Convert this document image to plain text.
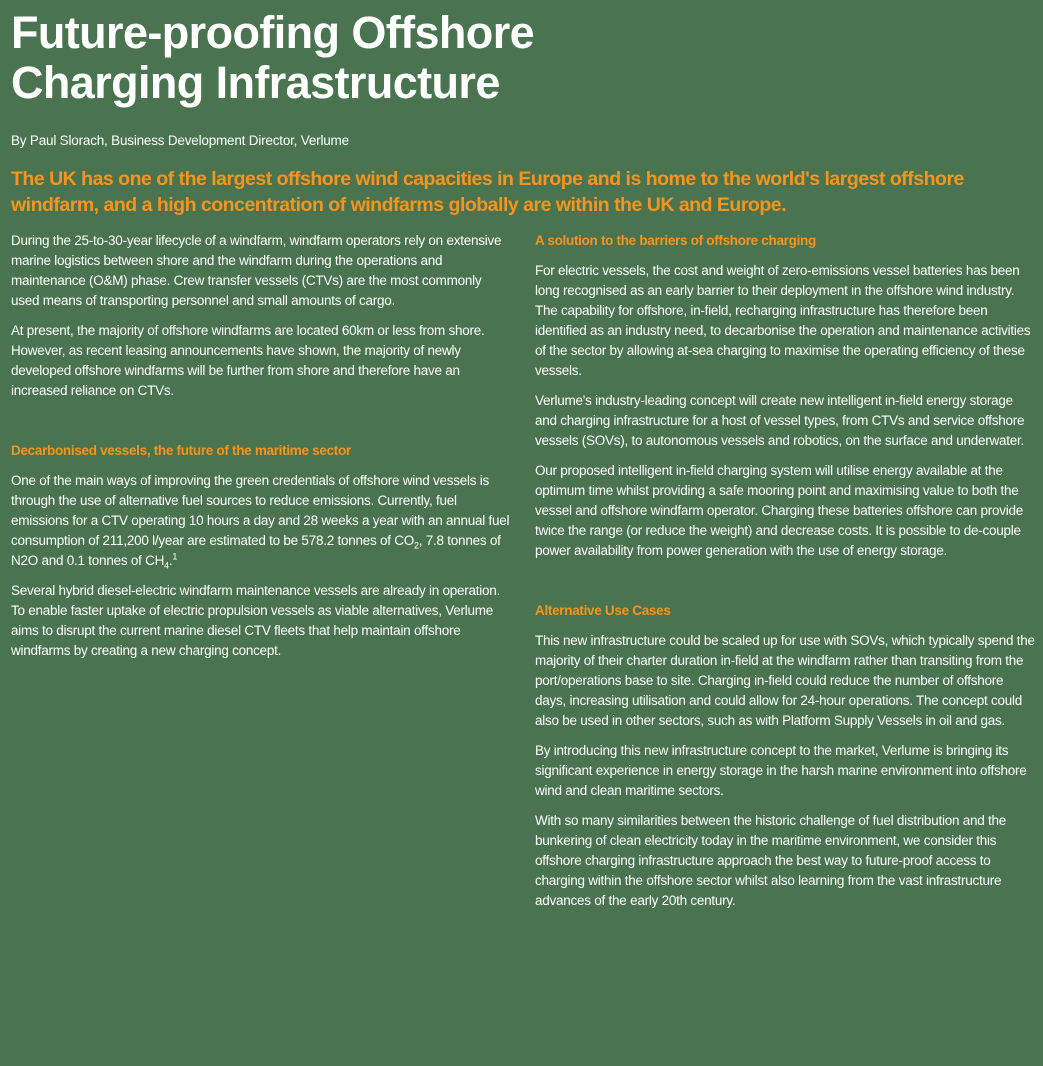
Future-proofing Offshore Charging Infrastructure
By Paul Slorach, Business Development Director, Verlume

The UK has one of the largest offshore wind capacities in Europe and is home to the world's largest offshore windfarm, and a high concentration of windfarms globally are within the UK and Europe.

During the 25-to-30-year lifecycle of a windfarm, windfarm operators rely on extensive marine logistics between shore and the windfarm during the operations and maintenance (O&M) phase. Crew transfer vessels (CTVs) are the most commonly used means of transporting personnel and small amounts of cargo.

At present, the majority of offshore windfarms are located 60km or less from shore. However, as recent leasing announcements have shown, the majority of newly developed offshore windfarms will be further from shore and therefore have an increased reliance on CTVs.

Decarbonised vessels, the future of the maritime sector

One of the main ways of improving the green credentials of offshore wind vessels is through the use of alternative fuel sources to reduce emissions. Currently, fuel emissions for a CTV operating 10 hours a day and 28 weeks a year with an annual fuel consumption of 211,200 l/year are estimated to be 578.2 tonnes of $CO_2$, 7.8 tonnes of N2O and 0.1 tonnes of $CH_4.^1$

Several hybrid diesel-electric windfarm maintenance vessels are already in operation. To enable faster uptake of electric propulsion vessels as viable alternatives, Verlume aims to disrupt the current marine diesel CTV fleets that help maintain offshore windfarms by creating a new charging concept.

A solution to the barriers of offshore charging

For electric vessels, the cost and weight of zero-emissions vessel batteries has been long recognised as an early barrier to their deployment in the offshore wind industry. The capability for offshore, in-field, recharging infrastructure has therefore been identified as an industry need, to decarbonise the operation and maintenance activities of the sector by allowing at-sea charging to maximise the operating efficiency of these vessels.

Verlume's industry-leading concept will create new intelligent in-field energy storage and charging infrastructure for a host of vessel types, from CTVs and service offshore vessels (SOVs), to autonomous vessels and robotics, on the surface and underwater.

Our proposed intelligent in-field charging system will utilise energy available at the optimum time whilst providing a safe mooring point and maximising value to both the vessel and offshore windfarm operator. Charging these batteries offshore can provide twice the range (or reduce the weight) and decrease costs. It is possible to de-couple power availability from power generation with the use of energy storage.

Alternative Use Cases

This new infrastructure could be scaled up for use with SOVs, which typically spend the majority of their charter duration in-field at the windfarm rather than transiting from the port/operations base to site. Charging in-field could reduce the number of offshore days, increasing utilisation and could allow for 24-hour operations. The concept could also be used in other sectors, such as with Platform Supply Vessels in oil and gas.

By introducing this new infrastructure concept to the market, Verlume is bringing its significant experience in energy storage in the harsh marine environment into offshore wind and clean maritime sectors.

With so many similarities between the historic challenge of fuel distribution and the bunkering of clean electricity today in the maritime environment, we consider this offshore charging infrastructure approach the best way to future-proof access to charging within the offshore sector whilst also learning from the vast infrastructure advances of the early 20th century.
